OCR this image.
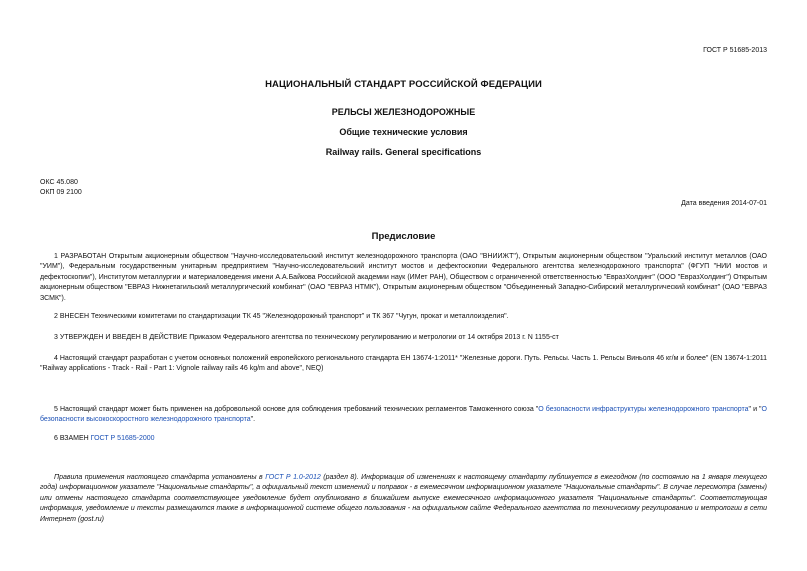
ГОСТ Р 51685-2013
НАЦИОНАЛЬНЫЙ СТАНДАРТ РОССИЙСКОЙ ФЕДЕРАЦИИ
РЕЛЬСЫ ЖЕЛЕЗНОДОРОЖНЫЕ
Общие технические условия
Railway rails. General specifications
ОКС 45.080
ОКП 09 2100
Дата введения 2014-07-01
Предисловие
1 РАЗРАБОТАН Открытым акционерным обществом "Научно-исследовательский институт железнодорожного транспорта (ОАО "ВНИИЖТ"), Открытым акционерным обществом "Уральский институт металлов (ОАО "УИМ"), Федеральным государственным унитарным предприятием "Научно-исследовательский институт мостов и дефектоскопии Федерального агентства железнодорожного транспорта" (ФГУП "НИИ мостов и дефектоскопии"), Институтом металлургии и материаловедения имени А.А.Байкова Российской академии наук (ИМет РАН), Обществом с ограниченной ответственностью "ЕвразХолдинг" (ООО "ЕвразХолдинг") Открытым акционерным обществом "ЕВРАЗ Нижнетагильский металлургический комбинат" (ОАО "ЕВРАЗ НТМК"), Открытым акционерным обществом "Объединенный Западно-Сибирский металлургический комбинат" (ОАО "ЕВРАЗ ЗСМК").
2 ВНЕСЕН Техническими комитетами по стандартизации ТК 45 "Железнодорожный транспорт" и ТК 367 "Чугун, прокат и металлоизделия".
3 УТВЕРЖДЕН И ВВЕДЕН В ДЕЙСТВИЕ Приказом Федерального агентства по техническому регулированию и метрологии от 14 октября 2013 г. N 1155-ст
4 Настоящий стандарт разработан с учетом основных положений европейского регионального стандарта ЕН 13674-1:2011* "Железные дороги. Путь. Рельсы. Часть 1. Рельсы Виньоля 46 кг/м и более" (EN 13674-1:2011 "Railway applications - Track - Rail - Part 1: Vignole railway rails 46 kg/m and above", NEQ)
5 Настоящий стандарт может быть применен на добровольной основе для соблюдения требований технических регламентов Таможенного союза "О безопасности инфраструктуры железнодорожного транспорта" и "О безопасности высокоскоростного железнодорожного транспорта".
6 ВЗАМЕН ГОСТ Р 51685-2000
Правила применения настоящего стандарта установлены в ГОСТ Р 1.0-2012 (раздел 8). Информация об изменениях к настоящему стандарту публикуется в ежегодном (по состоянию на 1 января текущего года) информационном указателе "Национальные стандарты", а официальный текст изменений и поправок - в ежемесячном информационном указателе "Национальные стандарты". В случае пересмотра (замены) или отмены настоящего стандарта соответствующее уведомление будет опубликовано в ближайшем выпуске ежемесячного информационного указателя "Национальные стандарты". Соответствующая информация, уведомление и тексты размещаются также в информационной системе общего пользования - на официальном сайте Федерального агентства по техническому регулированию и метрологии в сети Интернет (gost.ru)
